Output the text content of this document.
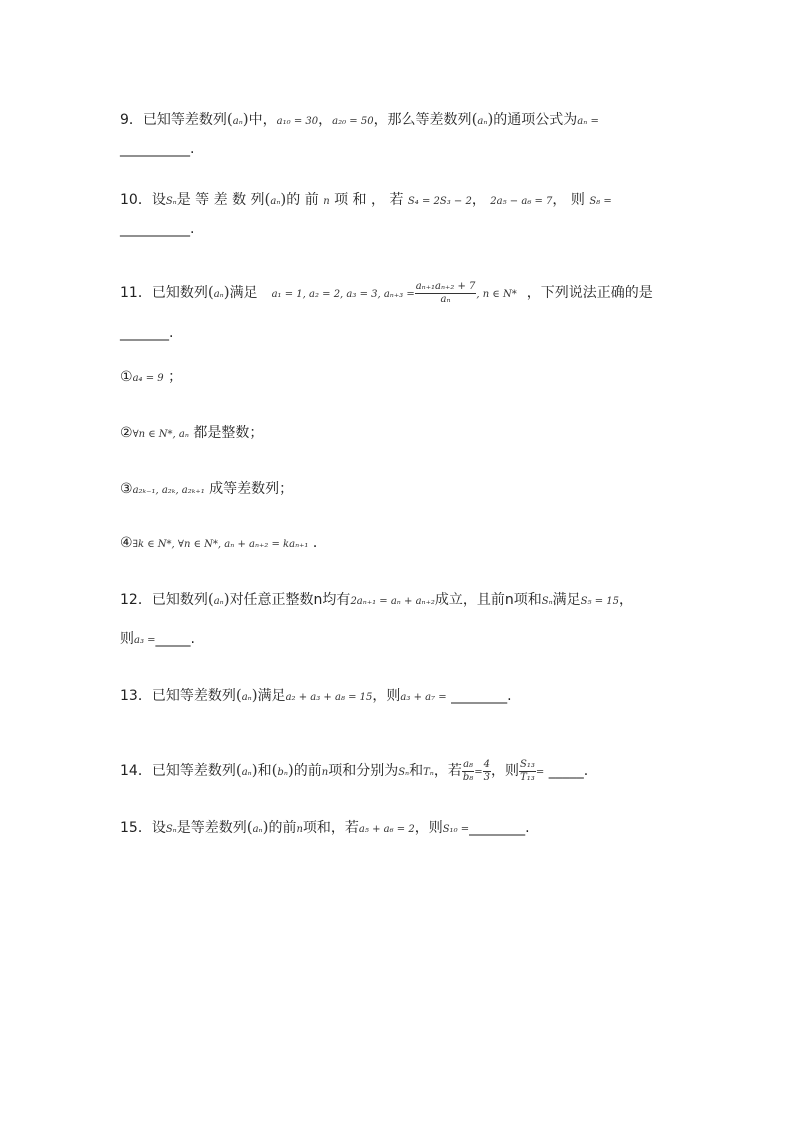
9．已知等差数列(aₙ)中，a₁₀ = 30，a₂₀ = 50，那么等差数列(aₙ)的通项公式为aₙ =
__________.
10．设Sₙ是 等 差 数 列(aₙ)的 前 n 项 和 ， 若 S₄ = 2S₃ − 2， 2a₅ − a₆ = 7， 则 S₈ =
__________.
11．已知数列(aₙ)满足 a₁ = 1, a₂ = 2, a₃ = 3, $a_{n+3} = \frac{\text{aₙ₊₁aₙ₊₂ + 7}}{\text{aₙ}}$ , n ∈ N* ，下列说法正确的是
_______.
①a₄ = 9 ；
②∀n ∈ N*, aₙ 都是整数；
③a₂ₖ₋₁, a₂ₖ, a₂ₖ₊₁ 成等差数列；
④∃k ∈ N*, ∀n ∈ N*, aₙ + aₙ₊₂ = kaₙ₊₁ ．
12．已知数列(aₙ)对任意正整数n均有2aₙ₊₁ = aₙ + aₙ₊₂成立，且前n项和Sₙ满足S₅ = 15，
则a₃ =_____.
13．已知等差数列(aₙ)满足a₂ + a₃ + a₈ = 15，则a₃ + a₇ = ________.
14．已知等差数列(aₙ)和(bₙ)的前n项和分别为Sₙ和Tₙ，若 $\frac{\text{a₈}}{\text{b₈}} = \frac{4}{3}$ ，则 $\frac{\text{S₁₃}}{\text{T₁₃}}$ = _____.
15．设Sₙ是等差数列(aₙ)的前n项和，若a₅ + a₆ = 2，则S₁₀ =________.
